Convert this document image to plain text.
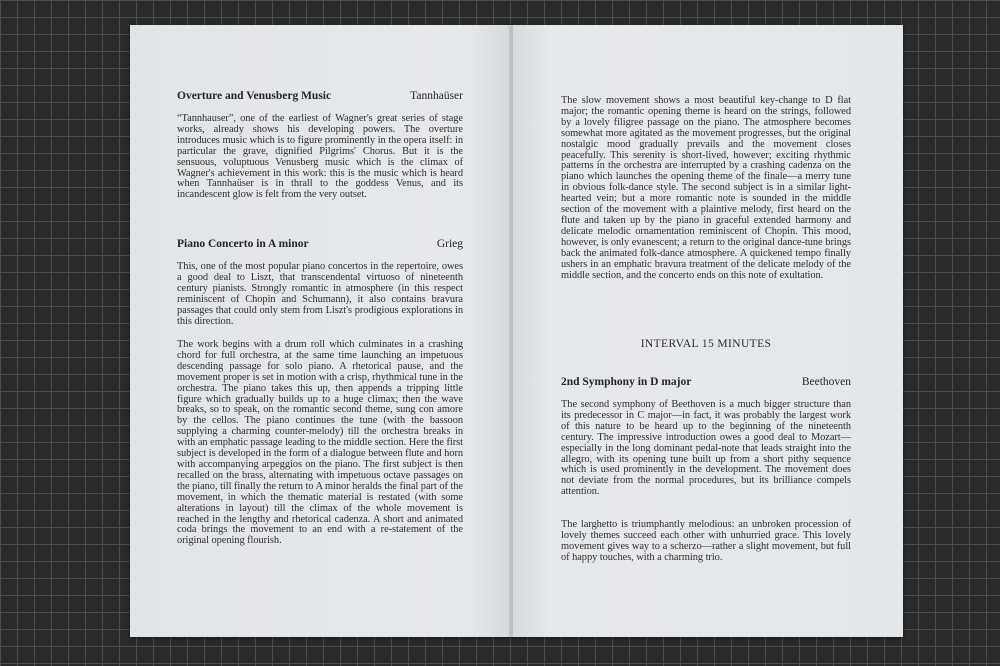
Overture and Venusberg Music	Tannhaüser

“Tannhauser”, one of the earliest of Wagner's great series of stage works, already shows his developing powers. The overture introduces music which is to figure prominently in the opera itself: in particular the grave, dignified Pilgrims' Chorus. But it is the sensuous, voluptuous Venusberg music which is the climax of Wagner's achievement in this work: this is the music which is heard when Tannhaüser is in thrall to the goddess Venus, and its incandescent glow is felt from the very outset.

Piano Concerto in A minor	Grieg

This, one of the most popular piano concertos in the repertoire, owes a good deal to Liszt, that transcendental virtuoso of nineteenth century pianists. Strongly romantic in atmosphere (in this respect reminiscent of Chopin and Schumann), it also contains bravura passages that could only stem from Liszt's prodigious explorations in this direction.

The work begins with a drum roll which culminates in a crashing chord for full orchestra, at the same time launching an impetuous descending passage for solo piano. A rhetorical pause, and the movement proper is set in motion with a crisp, rhythmical tune in the orchestra. The piano takes this up, then appends a tripping little figure which gradually builds up to a huge climax; then the wave breaks, so to speak, on the romantic second theme, sung con amore by the cellos. The piano continues the tune (with the bassoon supplying a charming counter-melody) till the orchestra breaks in with an emphatic passage leading to the middle section. Here the first subject is developed in the form of a dialogue between flute and horn with accompanying arpeggios on the piano. The first subject is then recalled on the brass, alternating with impetuous octave passages on the piano, till finally the return to A minor heralds the final part of the movement, in which the thematic material is restated (with some alterations in layout) till the climax of the whole movement is reached in the lengthy and rhetorical cadenza. A short and animated coda brings the movement to an end with a re-statement of the original opening flourish.

The slow movement shows a most beautiful key-change to D flat major; the romantic opening theme is heard on the strings, followed by a lovely filigree passage on the piano. The atmosphere becomes somewhat more agitated as the movement progresses, but the original nostalgic mood gradually prevails and the movement closes peacefully. This serenity is short-lived, however; exciting rhythmic patterns in the orchestra are interrupted by a crashing cadenza on the piano which launches the opening theme of the finale—a merry tune in obvious folk-dance style. The second subject is in a similar light-hearted vein; but a more romantic note is sounded in the middle section of the movement with a plaintive melody, first heard on the flute and taken up by the piano in graceful extended harmony and delicate melodic ornamentation reminiscent of Chopin. This mood, however, is only evanescent; a return to the original dance-tune brings back the animated folk-dance atmosphere. A quickened tempo finally ushers in an emphatic bravura treatment of the delicate melody of the middle section, and the concerto ends on this note of exultation.

INTERVAL 15 MINUTES
2nd Symphony in D major	Beethoven

The second symphony of Beethoven is a much bigger structure than its predecessor in C major—in fact, it was probably the largest work of this nature to be heard up to the beginning of the nineteenth century. The impressive introduction owes a good deal to Mozart—especially in the long dominant pedal-note that leads straight into the allegro, with its opening tune built up from a short pithy sequence which is used prominently in the development. The movement does not deviate from the normal procedures, but its brilliance compels attention.

The larghetto is triumphantly melodious: an unbroken procession of lovely themes succeed each other with unhurried grace. This lovely movement gives way to a scherzo—rather a slight movement, but full of happy touches, with a charming trio.
